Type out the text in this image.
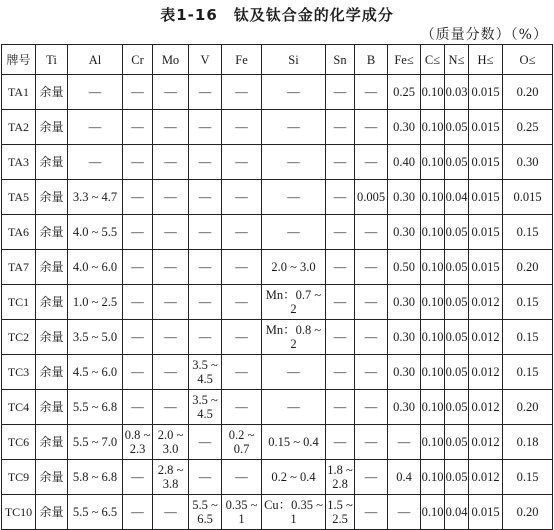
表1-16　钛及钛合金的化学成分
（质量分数）（%）
牌号	Ti	Al	Cr	Mo	V	Fe	Si	Sn	B	Fe≤	C≤	N≤	H≤	O≤
TA1	余量	—	—	—	—	—	—	—	—	0.25	0.10	0.03	0.015	0.20
TA2	余量	—	—	—	—	—	—	—	—	0.30	0.10	0.05	0.015	0.25
TA3	余量	—	—	—	—	—	—	—	—	0.40	0.10	0.05	0.015	0.30
TA5	余量	3.3 ~ 4.7	—	—	—	—	—	—	0.005	0.30	0.10	0.04	0.015	0.015
TA6	余量	4.0 ~ 5.5	—	—	—	—	—	—	—	0.30	0.10	0.05	0.015	0.15
TA7	余量	4.0 ~ 6.0	—	—	—	—	2.0 ~ 3.0	—	—	0.50	0.10	0.05	0.015	0.20
TC1	余量	1.0 ~ 2.5	—	—	—	—	Mn：0.7 ~ 2	—	—	0.30	0.10	0.05	0.012	0.15
TC2	余量	3.5 ~ 5.0	—	—	—	—	Mn：0.8 ~ 2	—	—	0.30	0.10	0.05	0.012	0.15
TC3	余量	4.5 ~ 6.0	—	—	3.5 ~ 4.5	—	—	—	—	0.30	0.10	0.05	0.012	0.15
TC4	余量	5.5 ~ 6.8	—	—	3.5 ~ 4.5	—	—	—	—	0.30	0.10	0.05	0.012	0.20
TC6	余量	5.5 ~ 7.0	0.8 ~ 2.3	2.0 ~ 3.0	—	0.2 ~ 0.7	0.15 ~ 0.4	—	—	—	0.10	0.05	0.012	0.18
TC9	余量	5.8 ~ 6.8	—	2.8 ~ 3.8	—	—	0.2 ~ 0.4	1.8 ~ 2.8	—	0.4	0.10	0.05	0.012	0.15
TC10	余量	5.5 ~ 6.5	—	—	5.5 ~ 6.5	0.35 ~ 1	Cu：0.35 ~ 1	1.5 ~ 2.5	—	—	0.10	0.04	0.015	0.20
